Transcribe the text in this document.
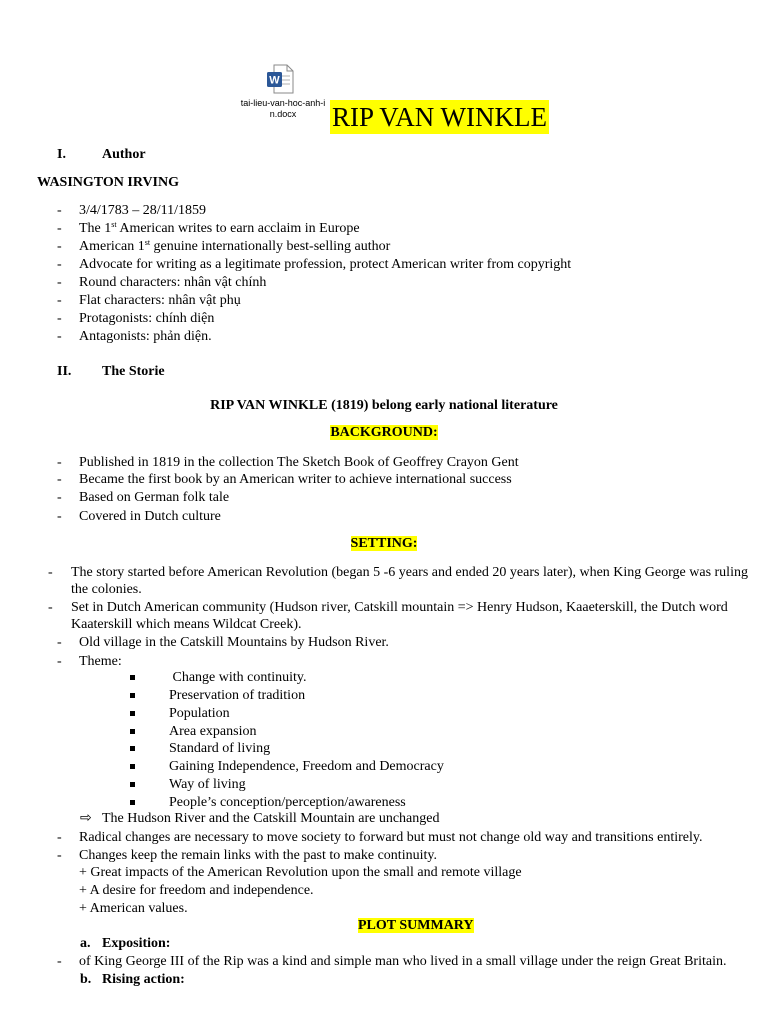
W
tai-lieu-van-hoc-anh-i
n.docx	RIP VAN WINKLE
I.	Author
WASINGTON IRVING
- 3/4/1783 – 28/11/1859
- The 1st American writes to earn acclaim in Europe
- American 1st genuine internationally best-selling author
- Advocate for writing as a legitimate profession, protect American writer from copyright
- Round characters: nhân vật chính
- Flat characters: nhân vật phụ
- Protagonists: chính diện
- Antagonists: phản diện.
II. The Storie
RIP VAN WINKLE (1819) belong early national literature
BACKGROUND:
- Published in 1819 in the collection The Sketch Book of Geoffrey Crayon Gent
- Became the first book by an American writer to achieve international success
- Based on German folk tale
- Covered in Dutch culture
SETTING:
- The story started before American Revolution (began 5 -6 years and ended 20 years later), when King George was ruling
the colonies.
- Set in Dutch American community (Hudson river, Catskill mountain => Henry Hudson, Kaaeterskill, the Dutch word
Kaaterskill which means Wildcat Creek).
- Old village in the Catskill Mountains by Hudson River.
- Theme:
Change with continuity.
Preservation of tradition
Population
Area expansion
Standard of living
Gaining Independence, Freedom and Democracy
Way of living
People’s conception/perception/awareness
⇨ The Hudson River and the Catskill Mountain are unchanged
- Radical changes are necessary to move society to forward but must not change old way and transitions entirely.
- Changes keep the remain links with the past to make continuity.
+ Great impacts of the American Revolution upon the small and remote village
+ A desire for freedom and independence.
+ American values.
PLOT SUMMARY
a. Exposition:
- of King George III of the Rip was a kind and simple man who lived in a small village under the reign Great Britain.
b. Rising action:
